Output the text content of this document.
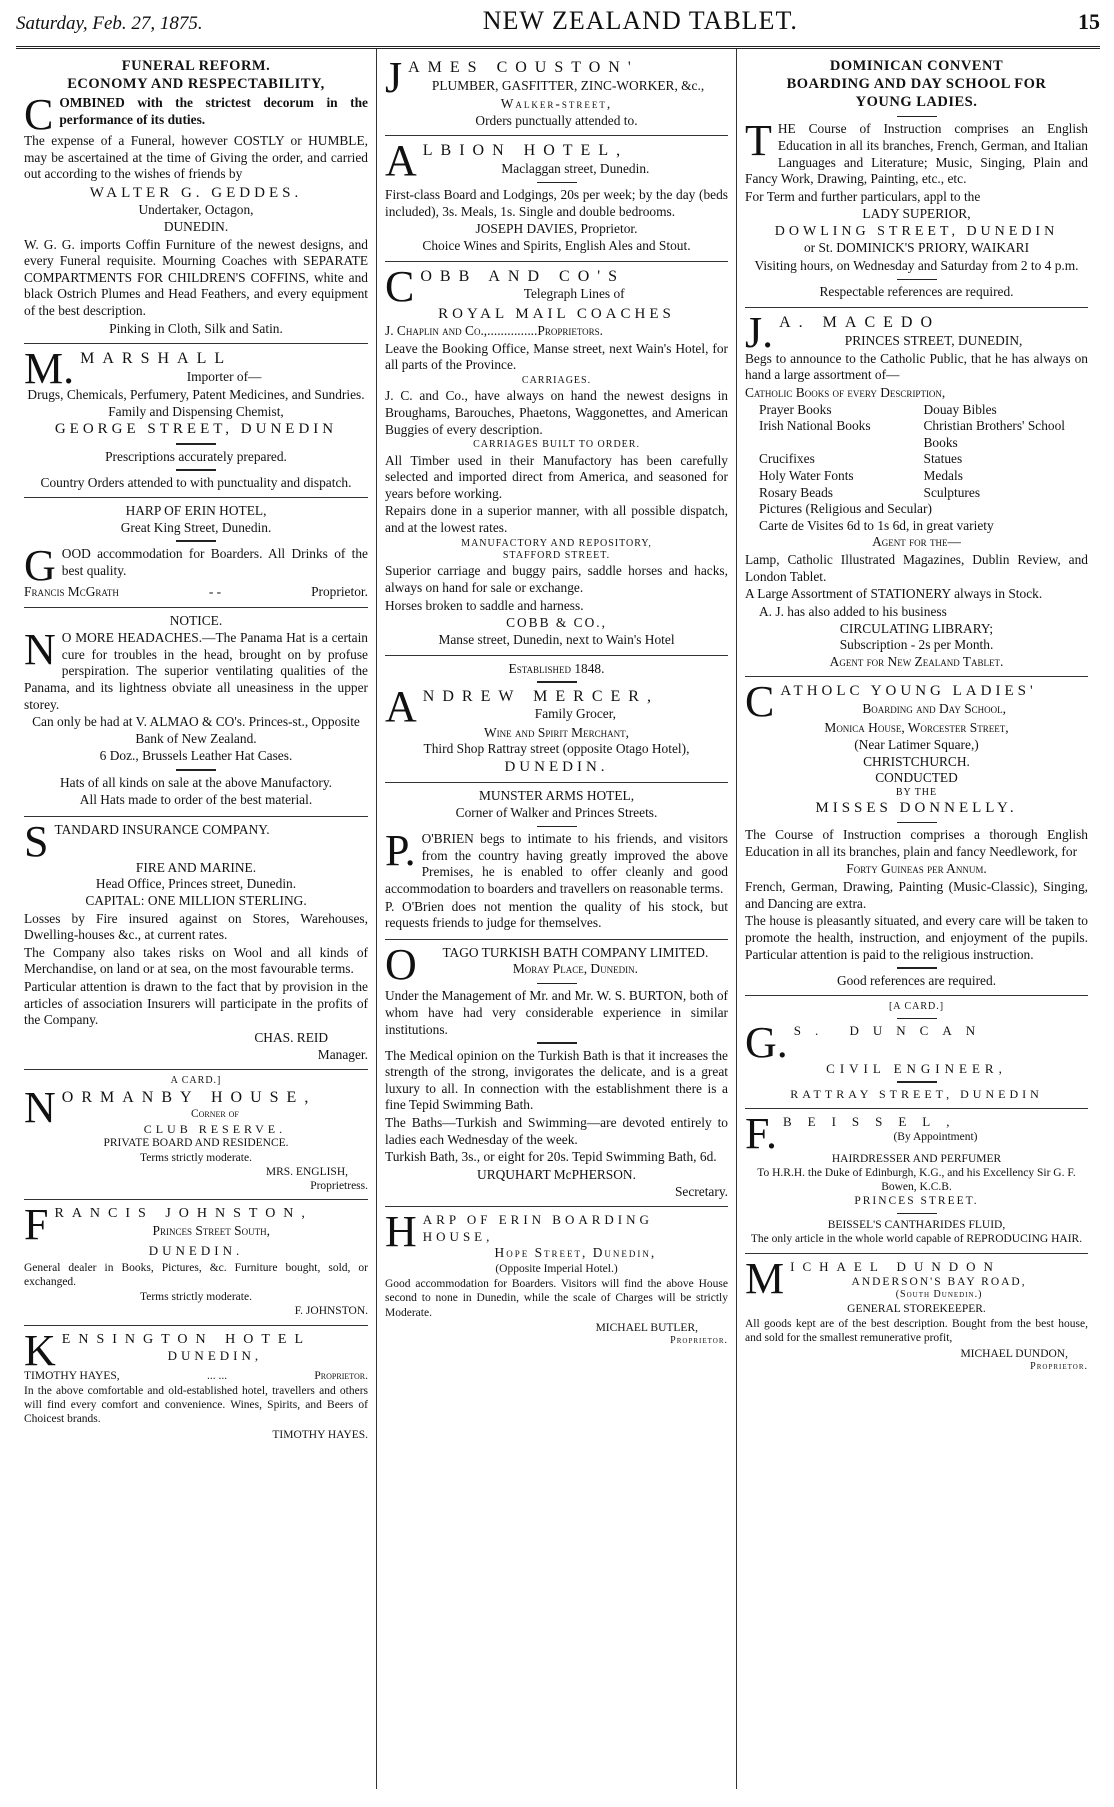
Saturday, Feb. 27, 1875.	NEW ZEALAND TABLET.	15
FUNERAL REFORM.
ECONOMY AND RESPECTABILITY,

COMBINED with the strictest decorum in the performance of its duties.

The expense of a Funeral, however COSTLY or HUMBLE, may be ascertained at the time of Giving the order, and carried out according to the wishes of friends by

WALTER G. GEDDES.
Undertaker, Octagon,
DUNEDIN.

W. G. G. imports Coffin Furniture of the newest designs, and every Funeral requisite. Mourning Coaches with SEPARATE COMPARTMENTS FOR CHILDREN'S COFFINS, white and black Ostrich Plumes and Head Feathers, and every equipment of the best description.

Pinking in Cloth, Silk and Satin.
M. MARSHALL
Importer of—
Drugs, Chemicals, Perfumery, Patent Medicines, and Sundries. Family and Dispensing Chemist,
GEORGE STREET, DUNEDIN
Prescriptions accurately prepared.
Country Orders attended to with punctuality and dispatch.
HARP OF ERIN HOTEL,
Great King Street, Dunedin.

GOOD accommodation for Boarders. All Drinks of the best quality.

Francis McGrath	- -	Proprietor.
NOTICE.

N O MORE HEADACHES.—The Panama Hat is a certain cure for troubles in the head, brought on by profuse perspiration. The superior ventilating qualities of the Panama, and its lightness obviate all uneasiness in the upper storey.

Can only be had at V. ALMAO & CO's. Princes-st., Opposite Bank of New Zealand.

6 Doz., Brussels Leather Hat Cases.

Hats of all kinds on sale at the above Manufactory.

All Hats made to order of the best material.

STANDARD INSURANCE COMPANY.
FIRE AND MARINE.
Head Office, Princes street, Dunedin.
CAPITAL: ONE MILLION STERLING.

Losses by Fire insured against on Stores, Warehouses, Dwelling-houses &c., at current rates.

The Company also takes risks on Wool and all kinds of Merchandise, on land or at sea, on the most favourable terms.

Particular attention is drawn to the fact that by provision in the articles of association Insurers will participate in the profits of the Company.

CHAS. REID
Manager.
A CARD.]
NORMANBY HOUSE,
Corner of
CLUB RESERVE.
PRIVATE BOARD AND RESIDENCE.
Terms strictly moderate.
MRS. ENGLISH,
Proprietress.
FRANCIS JOHNSTON,
Princes Street South,
DUNEDIN.

General dealer in Books, Pictures, &c. Furniture bought, sold, or exchanged.

Terms strictly moderate.
F. JOHNSTON.
KENSINGTON HOTEL
DUNEDIN,
TIMOTHY HAYES,	... ...	Proprietor.

In the above comfortable and old-established hotel, travellers and others will find every comfort and convenience. Wines, Spirits, and Beers of Choicest brands.

TIMOTHY HAYES.
JAMES COUSTON'
PLUMBER, GASFITTER, ZINC-WORKER, &c.,
Walker-street,
Orders punctually attended to.
ALBION HOTEL,
Maclaggan street, Dunedin.

First-class Board and Lodgings, 20s per week; by the day (beds included), 3s. Meals, 1s. Single and double bedrooms.

JOSEPH DAVIES, Proprietor.
Choice Wines and Spirits, English Ales and Stout.
COBB AND CO'S
Telegraph Lines of
ROYAL MAIL COACHES
J. Chaplin and Co.,...............Proprietors.

Leave the Booking Office, Manse street, next Wain's Hotel, for all parts of the Province.

CARRIAGES.

J. C. and Co., have always on hand the newest designs in Broughams, Barouches, Phaetons, Waggonettes, and American Buggies of every description.

CARRIAGES BUILT TO ORDER.

All Timber used in their Manufactory has been carefully selected and imported direct from America, and seasoned for years before working.

Repairs done in a superior manner, with all possible dispatch, and at the lowest rates.

MANUFACTORY AND REPOSITORY,
STAFFORD STREET.

Superior carriage and buggy pairs, saddle horses and hacks, always on hand for sale or exchange.

Horses broken to saddle and harness.

COBB & CO.,
Manse street, Dunedin, next to Wain's Hotel
Established 1848.
ANDREW MERCER,
Family Grocer,
Wine and Spirit Merchant,
Third Shop Rattray street (opposite Otago Hotel),
DUNEDIN.
MUNSTER ARMS HOTEL,
Corner of Walker and Princes Streets.

P. O'BRIEN begs to intimate to his friends, and visitors from the country having greatly improved the above Premises, he is enabled to offer cleanly and good accommodation to boarders and travellers on reasonable terms.

P. O'Brien does not mention the quality of his stock, but requests friends to judge for themselves.

O	TAGO TURKISH BATH COMPANY LIMITED.
Moray Place, Dunedin.

Under the Management of Mr. and Mr. W. S. BURTON, both of whom have had very considerable experience in similar institutions.

The Medical opinion on the Turkish Bath is that it increases the strength of the strong, invigorates the delicate, and is a great luxury to all. In connection with the establishment there is a fine Tepid Swimming Bath.

The Baths—Turkish and Swimming—are devoted entirely to ladies each Wednesday of the week.

Turkish Bath, 3s., or eight for 20s. Tepid Swimming Bath, 6d.

URQUHART McPHERSON.
Secretary.
HARP OF ERIN BOARDING HOUSE,
Hope Street, Dunedin,
(Opposite Imperial Hotel.)

Good accommodation for Boarders. Visitors will find the above House second to none in Dunedin, while the scale of Charges will be strictly Moderate.

MICHAEL BUTLER,
Proprietor.
DOMINICAN CONVENT
BOARDING AND DAY SCHOOL FOR
YOUNG LADIES.

THE Course of Instruction comprises an English Education in all its branches, French, German, and Italian Languages and Literature; Music, Singing, Plain and Fancy Work, Drawing, Painting, etc., etc.

For Term and further particulars, appl to the

LADY SUPERIOR,
DOWLING STREET, DUNEDIN
or St. DOMINICK'S PRIORY, WAIKARI

Visiting hours, on Wednesday and Saturday from 2 to 4 p.m.

Respectable references are required.
J. A. MACEDO
PRINCES STREET, DUNEDIN,

Begs to announce to the Catholic Public, that he has always on hand a large assortment of—

Catholic Books of every Description,
Prayer Books	Douay Bibles
Irish National Books	Christian Brothers' School Books
Crucifixes	Statues
Holy Water Fonts	Medals
Rosary Beads	Sculptures
Pictures (Religious and Secular)
Carte de Visites 6d to 1s 6d, in great variety
Agent for the—

Lamp, Catholic Illustrated Magazines, Dublin Review, and London Tablet.

A Large Assortment of STATIONERY always in Stock.

A. J. has also added to his business
CIRCULATING LIBRARY;
Subscription - 2s per Month.
Agent for New Zealand Tablet.
CATHOLC YOUNG LADIES'
Boarding and Day School,
Monica House, Worcester Street,
(Near Latimer Square,)
CHRISTCHURCH.
CONDUCTED
BY THE
MISSES DONNELLY.

The Course of Instruction comprises a thorough English Education in all its branches, plain and fancy Needlework, for

Forty Guineas per Annum.

French, German, Drawing, Painting (Music-Classic), Singing, and Dancing are extra.

The house is pleasantly situated, and every care will be taken to promote the health, instruction, and enjoyment of the pupils. Particular attention is paid to the religious instruction.

Good references are required.
[A CARD.]
G. S. DUNCAN
CIVIL ENGINEER,
RATTRAY STREET, DUNEDIN
F. BEISSEL,
(By Appointment)
HAIRDRESSER AND PERFUMER
To H.R.H. the Duke of Edinburgh, K.G., and his Excellency Sir G. F. Bowen, K.C.B.
PRINCES STREET.
BEISSEL'S CANTHARIDES FLUID,
The only article in the whole world capable of REPRODUCING HAIR.
MICHAEL DUNDON
ANDERSON'S BAY ROAD,
(South Dunedin.)
GENERAL STOREKEEPER.

All goods kept are of the best description. Bought from the best house, and sold for the smallest remunerative profit,

MICHAEL DUNDON,
Proprietor.
